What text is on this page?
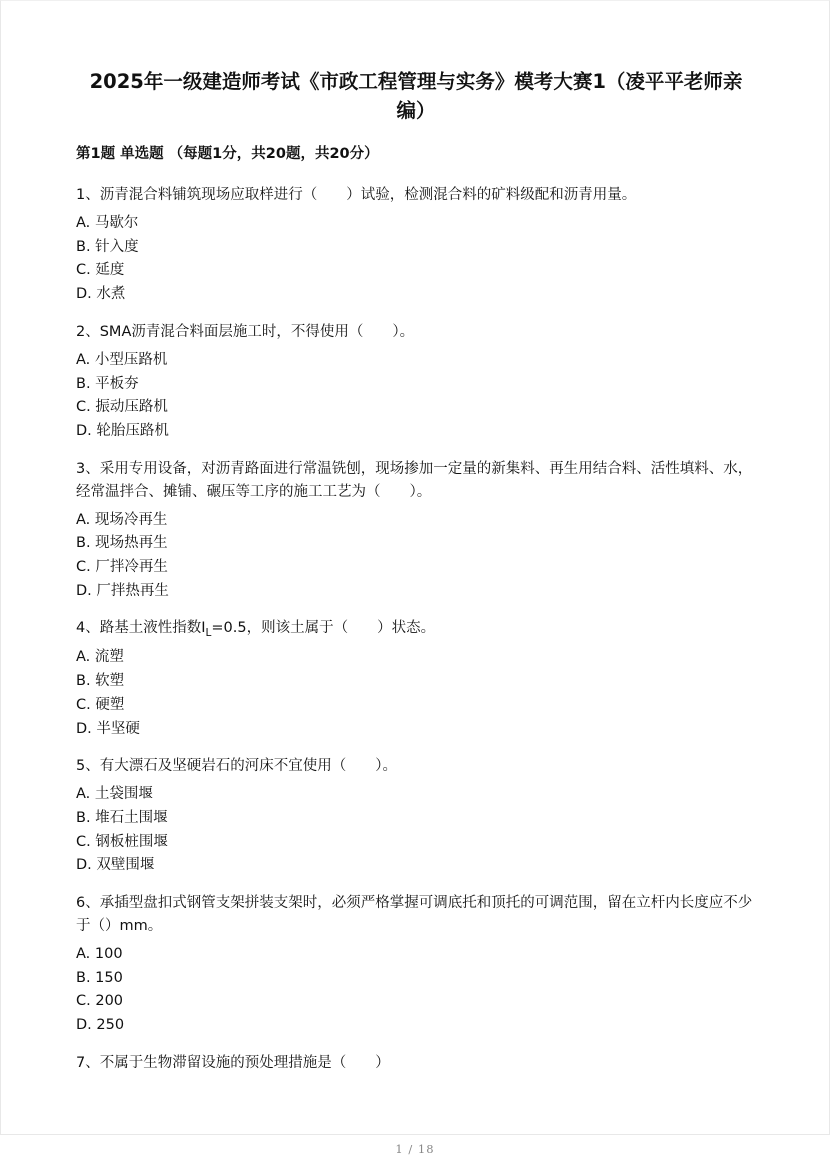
2025年一级建造师考试《市政工程管理与实务》模考大赛1（凌平平老师亲编）
第1题 单选题 （每题1分，共20题，共20分）
1、沥青混合料铺筑现场应取样进行（　　）试验，检测混合料的矿料级配和沥青用量。
A. 马歇尔
B. 针入度
C. 延度
D. 水煮
2、SMA沥青混合料面层施工时，不得使用（　　）。
A. 小型压路机
B. 平板夯
C. 振动压路机
D. 轮胎压路机
3、采用专用设备，对沥青路面进行常温铣刨，现场掺加一定量的新集料、再生用结合料、活性填料、水，经常温拌合、摊铺、碾压等工序的施工工艺为（　　）。
A. 现场冷再生
B. 现场热再生
C. 厂拌冷再生
D. 厂拌热再生
4、路基土液性指数$I_L=0.5$，则该土属于（　　）状态。
A. 流塑
B. 软塑
C. 硬塑
D. 半坚硬
5、有大漂石及坚硬岩石的河床不宜使用（　　）。
A. 土袋围堰
B. 堆石土围堰
C. 钢板桩围堰
D. 双壁围堰
6、承插型盘扣式钢管支架拼装支架时，必须严格掌握可调底托和顶托的可调范围，留在立杆内长度应不少于（）mm。
A. 100
B. 150
C. 200
D. 250
7、不属于生物滞留设施的预处理措施是（　　）
1 / 18
